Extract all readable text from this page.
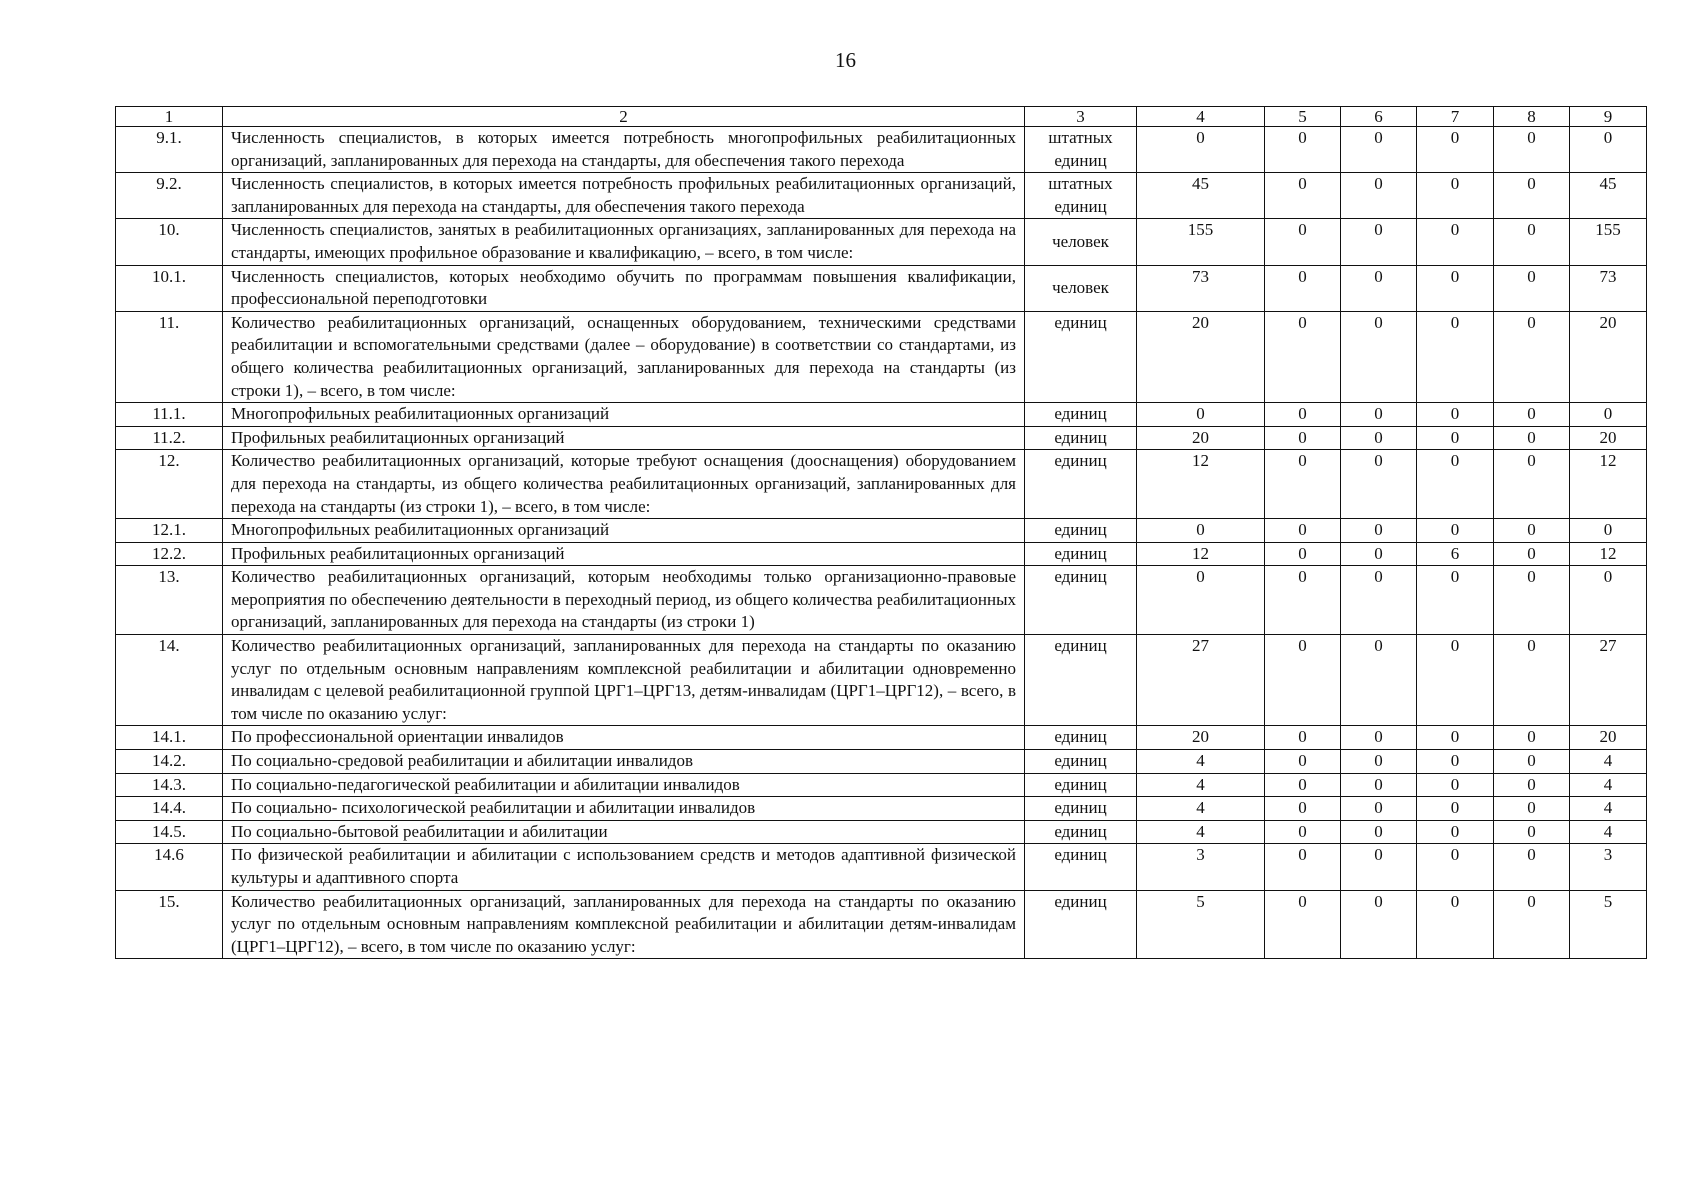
16
1	2	3	4	5	6	7	8	9
9.1.	Численность специалистов, в которых имеется потребность многопрофильных реабилитационных организаций, запланированных для перехода на стандарты, для обеспечения такого перехода	штатных единиц	0	0	0	0	0	0
9.2.	Численность специалистов, в которых имеется потребность профильных реабилитационных организаций, запланированных для перехода на стандарты, для обеспечения такого перехода	штатных единиц	45	0	0	0	0	45
10.	Численность специалистов, занятых в реабилитационных организациях, запланированных для перехода на стандарты, имеющих профильное образование и квалификацию, – всего, в том числе:	человек	155	0	0	0	0	155
10.1.	Численность специалистов, которых необходимо обучить по программам повышения квалификации, профессиональной переподготовки	человек	73	0	0	0	0	73
11.	Количество реабилитационных организаций, оснащенных оборудованием, техническими средствами реабилитации и вспомогательными средствами (далее – оборудование) в соответствии со стандартами, из общего количества реабилитационных организаций, запланированных для перехода на стандарты (из строки 1), – всего, в том числе:	единиц	20	0	0	0	0	20
11.1.	Многопрофильных реабилитационных организаций	единиц	0	0	0	0	0	0
11.2.	Профильных реабилитационных организаций	единиц	20	0	0	0	0	20
12.	Количество реабилитационных организаций, которые требуют оснащения (дооснащения) оборудованием для перехода на стандарты, из общего количества реабилитационных организаций, запланированных для перехода на стандарты (из строки 1), – всего, в том числе:	единиц	12	0	0	0	0	12
12.1.	Многопрофильных реабилитационных организаций	единиц	0	0	0	0	0	0
12.2.	Профильных реабилитационных организаций	единиц	12	0	0	6	0	12
13.	Количество реабилитационных организаций, которым необходимы только организационно-правовые мероприятия по обеспечению деятельности в переходный период, из общего количества реабилитационных организаций, запланированных для перехода на стандарты (из строки 1)	единиц	0	0	0	0	0	0
14.	Количество реабилитационных организаций, запланированных для перехода на стандарты по оказанию услуг по отдельным основным направлениям комплексной реабилитации и абилитации одновременно инвалидам с целевой реабилитационной группой ЦРГ1–ЦРГ13, детям-инвалидам (ЦРГ1–ЦРГ12), – всего, в том числе по оказанию услуг:	единиц	27	0	0	0	0	27
14.1.	По профессиональной ориентации инвалидов	единиц	20	0	0	0	0	20
14.2.	По социально-средовой реабилитации и абилитации инвалидов	единиц	4	0	0	0	0	4
14.3.	По социально-педагогической реабилитации и абилитации инвалидов	единиц	4	0	0	0	0	4
14.4.	По социально- психологической реабилитации и абилитации инвалидов	единиц	4	0	0	0	0	4
14.5.	По социально-бытовой реабилитации и абилитации	единиц	4	0	0	0	0	4
14.6	По физической реабилитации и абилитации с использованием средств и методов адаптивной физической культуры и адаптивного спорта	единиц	3	0	0	0	0	3
15.	Количество реабилитационных организаций, запланированных для перехода на стандарты по оказанию услуг по отдельным основным направлениям комплексной реабилитации и абилитации детям-инвалидам (ЦРГ1–ЦРГ12), – всего, в том числе по оказанию услуг:	единиц	5	0	0	0	0	5
